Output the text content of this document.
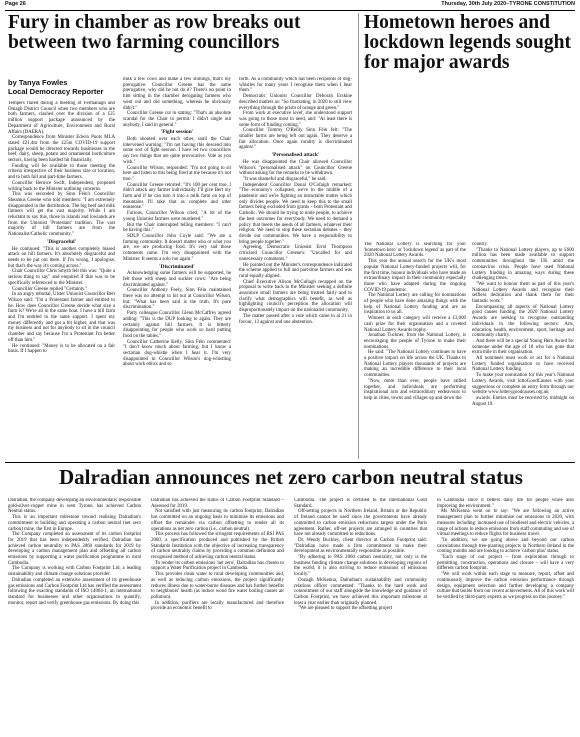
Page 26	Thursday, 30th July 2020–TYRONE CONSTITUTION
Fury in chamber as row breaks out between two farming councillors

by Tanya Fowles

Local Democracy Reporter

Tempers flared during a meeting of Fermanagh and Omagh District Council when two members who are both farmers, clashed over the division of a £25 million support package announced by the Department of Agriculture, Environment and Rural Affairs (DAERA).

Correspondence from Minister Edwin Poots MLA stated £21.4m from the £25m COVID-19 support package would be directed towards businesses in the beef, dairy, sheep, potato and ornamental horticulture sectors, having been hardest hit financially.

Funding will be available to those meeting the criteria irrespective of their business size or location, and to both full and part-time farmers.

Councillor Bernice Swift, Independent, proposed writing back to the Minister outlining concerns.

This was seconded by Sinn Féin's Councillor Sheamus Greene who told members: "I am extremely disappointed in the distribution. The big beef and milk farmers will get the vast majority. While I am reluctant to say this, those in islands and lowlands are from the Unionist 'Protestant' tradition. The vast majority of hill farmers are from the Nationalist/Catholic community."

'Disgraceful'

He continued: "This is another completely biased attack on hill farmers. It's absolutely disgraceful and needs to be put out there. If I'm wrong, I apologise, but that's the way it's coming across."

Chair Councillor Chris Smyth felt this was: "Quite a serious thing to say" and enquired if that was to be specifically referenced to the Minister.

Councillor Greene replied "Certainly."

In an angry rebuttal, Ulster Unionist Councillor Bert Wilson said: "I'm a Protestant farmer and entitled to be. How does Councillor Greene decide what size a farm is? We're all in the same boat. I have a hill farm and I'm entitled to the same support. I spent my money differently and got a bit higher, and that was my business and not for anybody to sit in the council chamber and say because I'm a Protestant I'm better off than him."

He continued: "Money is to be allocated on a fair basis. If I happen to

milk a few cows and make a few shillings, that's my prerogative. Councillor Greene has the same prerogative, why did he not do it? There's no point in him sitting in the chamber derogating farmers who went out and did something, whereas he obviously didn't."

Councillor Greene cut in stating: "That's an absolute scandal for the Chair to permit. I didn't single out anybody, I said in general."

'Fight session'

Both shouted over each other, until the Chair intervened warning: "I'm not having this descend into some sort of fight session. I have let two councillors say two things that are quite provocative. Vote as you wish."

Councillor Wilson, responded: "I'm not going to sit here and listen to this being fired at me because it's not true."

Councillor Greene retorted: "It's 100 per cent true. I didn't attack any farmer individually. I'll give Bert my farm and if he can turn it into a milk farm on top of mountains I'll take that as complete and utter nonsense."

Furious, Councillor Wilson cried, "A lot of the young Unionist farmers were murdered."

But the Chair interrupted telling members: "I can't be having this."

SDLP Councillor John Coyle said: "We are a farming community. It doesn't matter who or what you are, we are producing food. It's very sad those comments came. I'm very disappointed with the Minister. It seems a solo run again."

'Discriminated'

Acknowledging some farmers will be supported, he felt those with sheep and suckler cows: "Are being discriminated against."

Councillor Anthony Feely, Sinn Féin maintained there was no attempt to hit out at Councillor Wilson, but: "What has been said is the truth. It's pure discrimination."

Party colleague Councillor Glenn McCaffrey agreed adding: "This is the DUP looking to again. They are certainly against hill farmers. It is bitterly disappointing for people who work so hard putting food on the tables."

Councillor Catherine Kelly, Sinn Féin commented: "I don't know much about farming, but I know a sectarian dog-whistle when I hear it. I'm very disappointed in Councillor Wilson's dog-whistling about work ethics and so

forth. As a community which has been recipients of dog-whistles for many years I recognise them when I hear them."

Democratic Unionist Councillor Deborah Erskine described matters as: "So frustrating, in 2020 to still view everything through the prism of orange and green."

From work at executive level, she understood support was going to those most in need, and: "At least there is some form of funding coming."

Councillor Tommy O'Reilly Sinn Féin felt: "The smaller farms are being left out again. They deserve a fair allocation. Once again rurality is discriminated against."

'Personalised attack'

He was disappointed the Chair allowed Councillor Wilson's "personalised attack" on Councillor Greene without asking for the remarks to be withdrawn.

"It was shameful and disgraceful," he said.

Independent Councillor Donal O'Cofaigh remarked: "The economy's collapsed, we're in the middle of a pandemic and we're fighting an intractable matter which only divides people. We need to keep this to the small farmers being excluded from grants – both Protestant and Catholic. We should be trying to unite people, to achieve the best outcomes for everybody. We need to demand a policy that meets the needs of all farmers, whatever their religion. We need to stop these sectarian debates – they divide our communities. We have a responsibility to bring people together."

Agreeing, Democratic Unionist Errol Thompson criticised Councillor Greene's: "Uncalled for and unnecessary comments."

He pointed out the Minister's correspondence indicated the scheme applied to full and part-time farmers and was rural equally aligned.

Chief Executive Alison McCullagh recapped on the proposal to write back to the Minister seeking a definite assurance small farmers are being treated fairly and to clarify what demographics will benefit, as well as highlighting council's perception the allocation will disproportionately impact on the nationalist community.

The matter passed after a vote which came in at 21 in favour, 13 against and one abstention.

Hometown heroes and lockdown legends sought for major awards

The National Lottery is searching for your 'hometown hero' or 'lockdown legend' as part of the 2020 National Lottery Awards.

This year the annual search for the UK's most popular National Lottery-funded projects will, for the first time, honour individuals who have made an extraordinary impact in their community especially those who have adapted during the ongoing COVID-19 pandemic.

The National Lottery are calling for nominations of people who have done amazing things with the help of National Lottery funding and are an inspiration to us all.

Winners in each category will receive a £3,000 cash prize for their organisation and a coveted National Lottery Awards trophy.

Jonathan Tuchner, from the National Lottery, is encouraging the people of Tyrone to make their nominations.

He said: "The National Lottery continues to have a positive impact on life across the UK. Thanks to National Lottery players thousands of projects are making an incredible difference to their local communities.

"Now, more than ever, people have rallied together, and individuals are performing inspirational acts and extraordinary endeavours to help in cities, towns and villages up and down the

country.

"Thanks to National Lottery players, up to £600 million has been made available to support communities throughout the UK amid the coronavirus crisis. People have used National Lottery funding in amazing ways during these challenging times.

"We want to honour them as part of this year's National Lottery Awards and recognise their selfless dedication and thank them for their fantastic work."

Encompassing all aspects of National Lottery good causes funding, the 2020 National Lottery Awards are seeking to recognise outstanding individuals in the following sectors: Arts, education, health, environment, sport, heritage and community charity.

And there will be a special Young Hero Award for someone under the age of 18 who has gone that extra mile in their organisation.

All nominees must work or act for a National Lottery funded organisation or have received National Lottery funding.

To make your nomination for this year's National Lottery Awards, visit lottoGoodCauses with your suggestions or complete an entry form through our website www.lotterygoodcauses.org.uk

awards. Entries must be received by midnight on August 19.

Dalradian announces net zero carbon neutral status

Dalradian, the company developing an environmentally responsible gold-silver-copper mine in west Tyrone, has achieved Carbon Neutral status.

This is an important milestone toward realising Dalradian's commitment to building and operating a carbon neutral (net zero carbon) mine, the first in Europe.

The Company completed an assessment of its carbon footprint for 2019 that has been independently verified. Dalradian has achieved carbon neutrality to PAS 2060 standards for 2019 by developing a carbon management plan and offsetting all carbon emissions by supporting a water purification programme in rural Cambodia.

The Company is working with Carbon Footprint Ltd, a leading sustainability and climate change solutions provider.

Dalradian completed an extensive assessment of its greenhouse gas emissions and Carbon Footprint Ltd has verified the assessment following the exacting standards of ISO 14064-1, an international standard for businesses and other organisations to quantify, monitor, report and verify greenhouse gas emissions. By doing this

Dalradian has achieved the status of Carbon Footprint Standard – Assessed for 2019.

Not satisfied with just measuring its carbon footprint, Dalradian has committed on an ongoing basis to minimise its emissions and offset the remainder via carbon offsetting to render all its operations as net zero carbon (i.e., carbon neutral).

This process has followed the stringent requirements of BSI PAS 2060, a specification produced and published by the British Standards Institution with the objective of increasing transparency of carbon neutrality claims by providing a common definition and recognised method of achieving carbon neutral status.

To render its carbon emissions 'net zero', Dalradian has chosen to support a Water Purification project in Cambodia.

This provides clean water to rural developing communities and, as well as reducing carbon emissions, the project significantly reduces illness due to water-borne diseases and has further benefits to neighbours' health (as indoor wood fire water boiling causes air pollution).

In addition, purifiers are locally manufactured and therefore provide an economic benefit to

Cambodia. The project is certified to the international Gold Standard.

Off-setting projects in Northern Ireland, Britain or the Republic of Ireland cannot be used since the governments have already committed to carbon emission reductions targets under the Paris agreement. Rather, off-set projects are arranged in countries that have not already committed to reductions.

Dr. Wendy Buckley, client director at Carbon Footprint said: "Dalradian have made a firm commitment to make their development as environmentally responsible as possible.

"By adhering to PAS 2060 carbon neutrality, not only is the business funding climate change solutions in developing regions of the world, it is also striving to reduce emissions of emissions locally."

Oonagh McKenna, Dalradian's sustainability and community relations officer commented: "Thanks to the hard work and commitment of our staff alongside the knowledge and guidance of Carbon Footprint, we have achieved this important milestone at least a year earlier than originally planned.

"We are pleased to support the offsetting project

in Cambodia since it betters daily life for people while also improving the environment."

Ms McKenna went on to say: "We are following an active management plan to further minimise our emissions in 2020, with measures including: increased use of biodiesel and electric vehicles, a range of actions to reduce emissions from staff commuting and use of virtual meetings to reduce flights for business travel.

"In addition, we are going above and beyond our carbon calculations through tree-planting projects in Northern Ireland in the coming months and are looking to achieve 'carbon plus' status.

"Each stage of our project – from exploration through to permitting, construction, operations and closure – will have a very different carbon footprint.

"We will work within each stage to measure, report, offset and continuously improve the carbon emission performance through design, equipment selection and further developing a company culture that builds from our recent achievements. All of this work will be verified by third-party experts as we progress on this journey."
